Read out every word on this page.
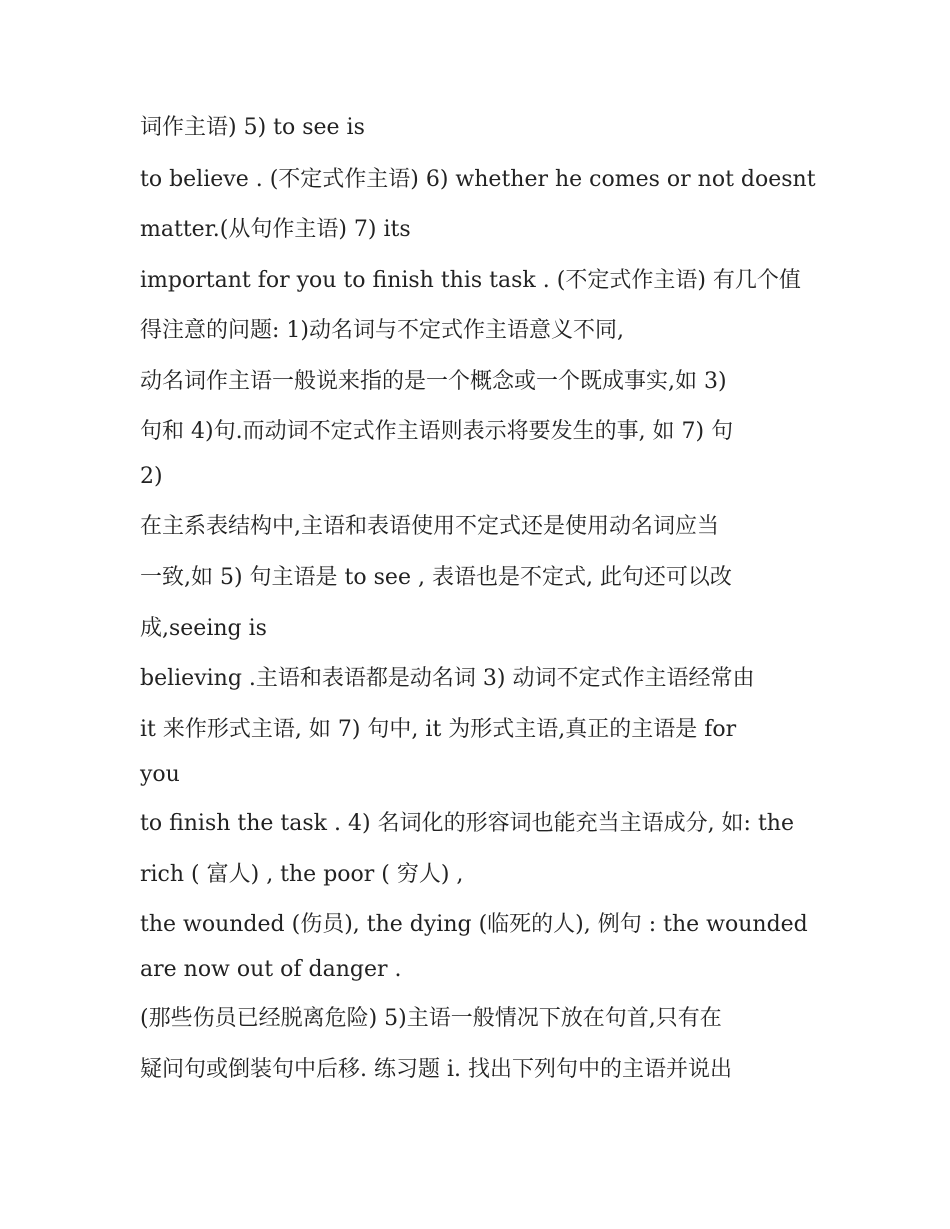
词作主语) 5) to see is
to believe . (不定式作主语) 6) whether he comes or not doesnt
matter.(从句作主语) 7) its
important for you to finish this task . (不定式作主语) 有几个值
得注意的问题: 1)动名词与不定式作主语意义不同,
动名词作主语一般说来指的是一个概念或一个既成事实,如 3)
句和 4)句.而动词不定式作主语则表示将要发生的事, 如 7) 句
2)
在主系表结构中,主语和表语使用不定式还是使用动名词应当
一致,如 5) 句主语是 to see , 表语也是不定式, 此句还可以改
成,seeing is
believing .主语和表语都是动名词 3) 动词不定式作主语经常由
it 来作形式主语, 如 7) 句中, it 为形式主语,真正的主语是 for
you
to finish the task . 4) 名词化的形容词也能充当主语成分, 如: the
rich ( 富人) , the poor ( 穷人) ,
the wounded (伤员), the dying (临死的人), 例句 : the wounded
are now out of danger .
(那些伤员已经脱离危险) 5)主语一般情况下放在句首,只有在
疑问句或倒装句中后移. 练习题 i. 找出下列句中的主语并说出
